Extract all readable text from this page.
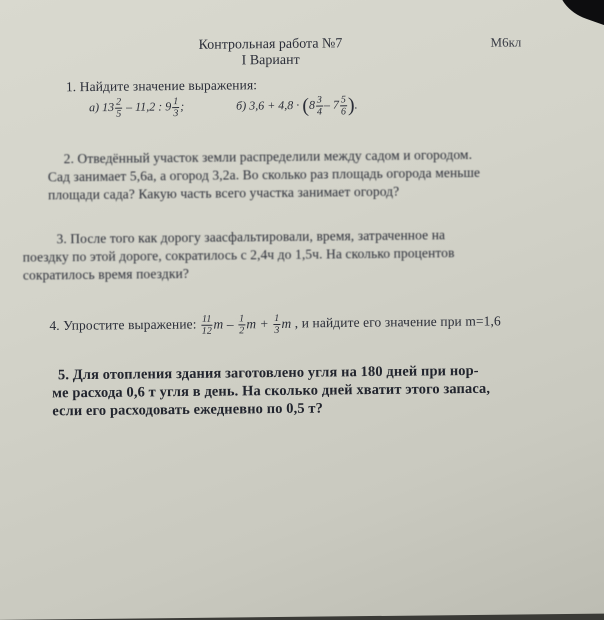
Контрольная работа №7
I Вариант
М6кл
1. Найдите значение выражения:
а) $13 \frac{2}{5} - 11,2$ : $9 \frac{1}{3}$ ;	б) $3,6 + 4,8 \cdot (8 \frac{3}{4} - 7 \frac{5}{6}$ ).
2. Отведённый участок земли распределили между садом и огородом.
Сад занимает 5,6а, а огород 3,2а. Во сколько раз площадь огорода меньше
площади сада? Какую часть всего участка занимает огород?
3. После того как дорогу заасфальтировали, время, затраченное на
поездку по этой дороге, сократилось с 2,4ч до 1,5ч. На сколько процентов
сократилось время поездки?
4. Упростите выражение: $\frac{11}{12}$ m – $\frac{1}{2}$ $m + \frac{1}{3}$ m , и найдите его значение при m=1,6
5. Для отопления здания заготовлено угля на 180 дней при нор-
ме расхода 0,6 т угля в день. На сколько дней хватит этого запаса,
если его расходовать ежедневно по 0,5 т?
